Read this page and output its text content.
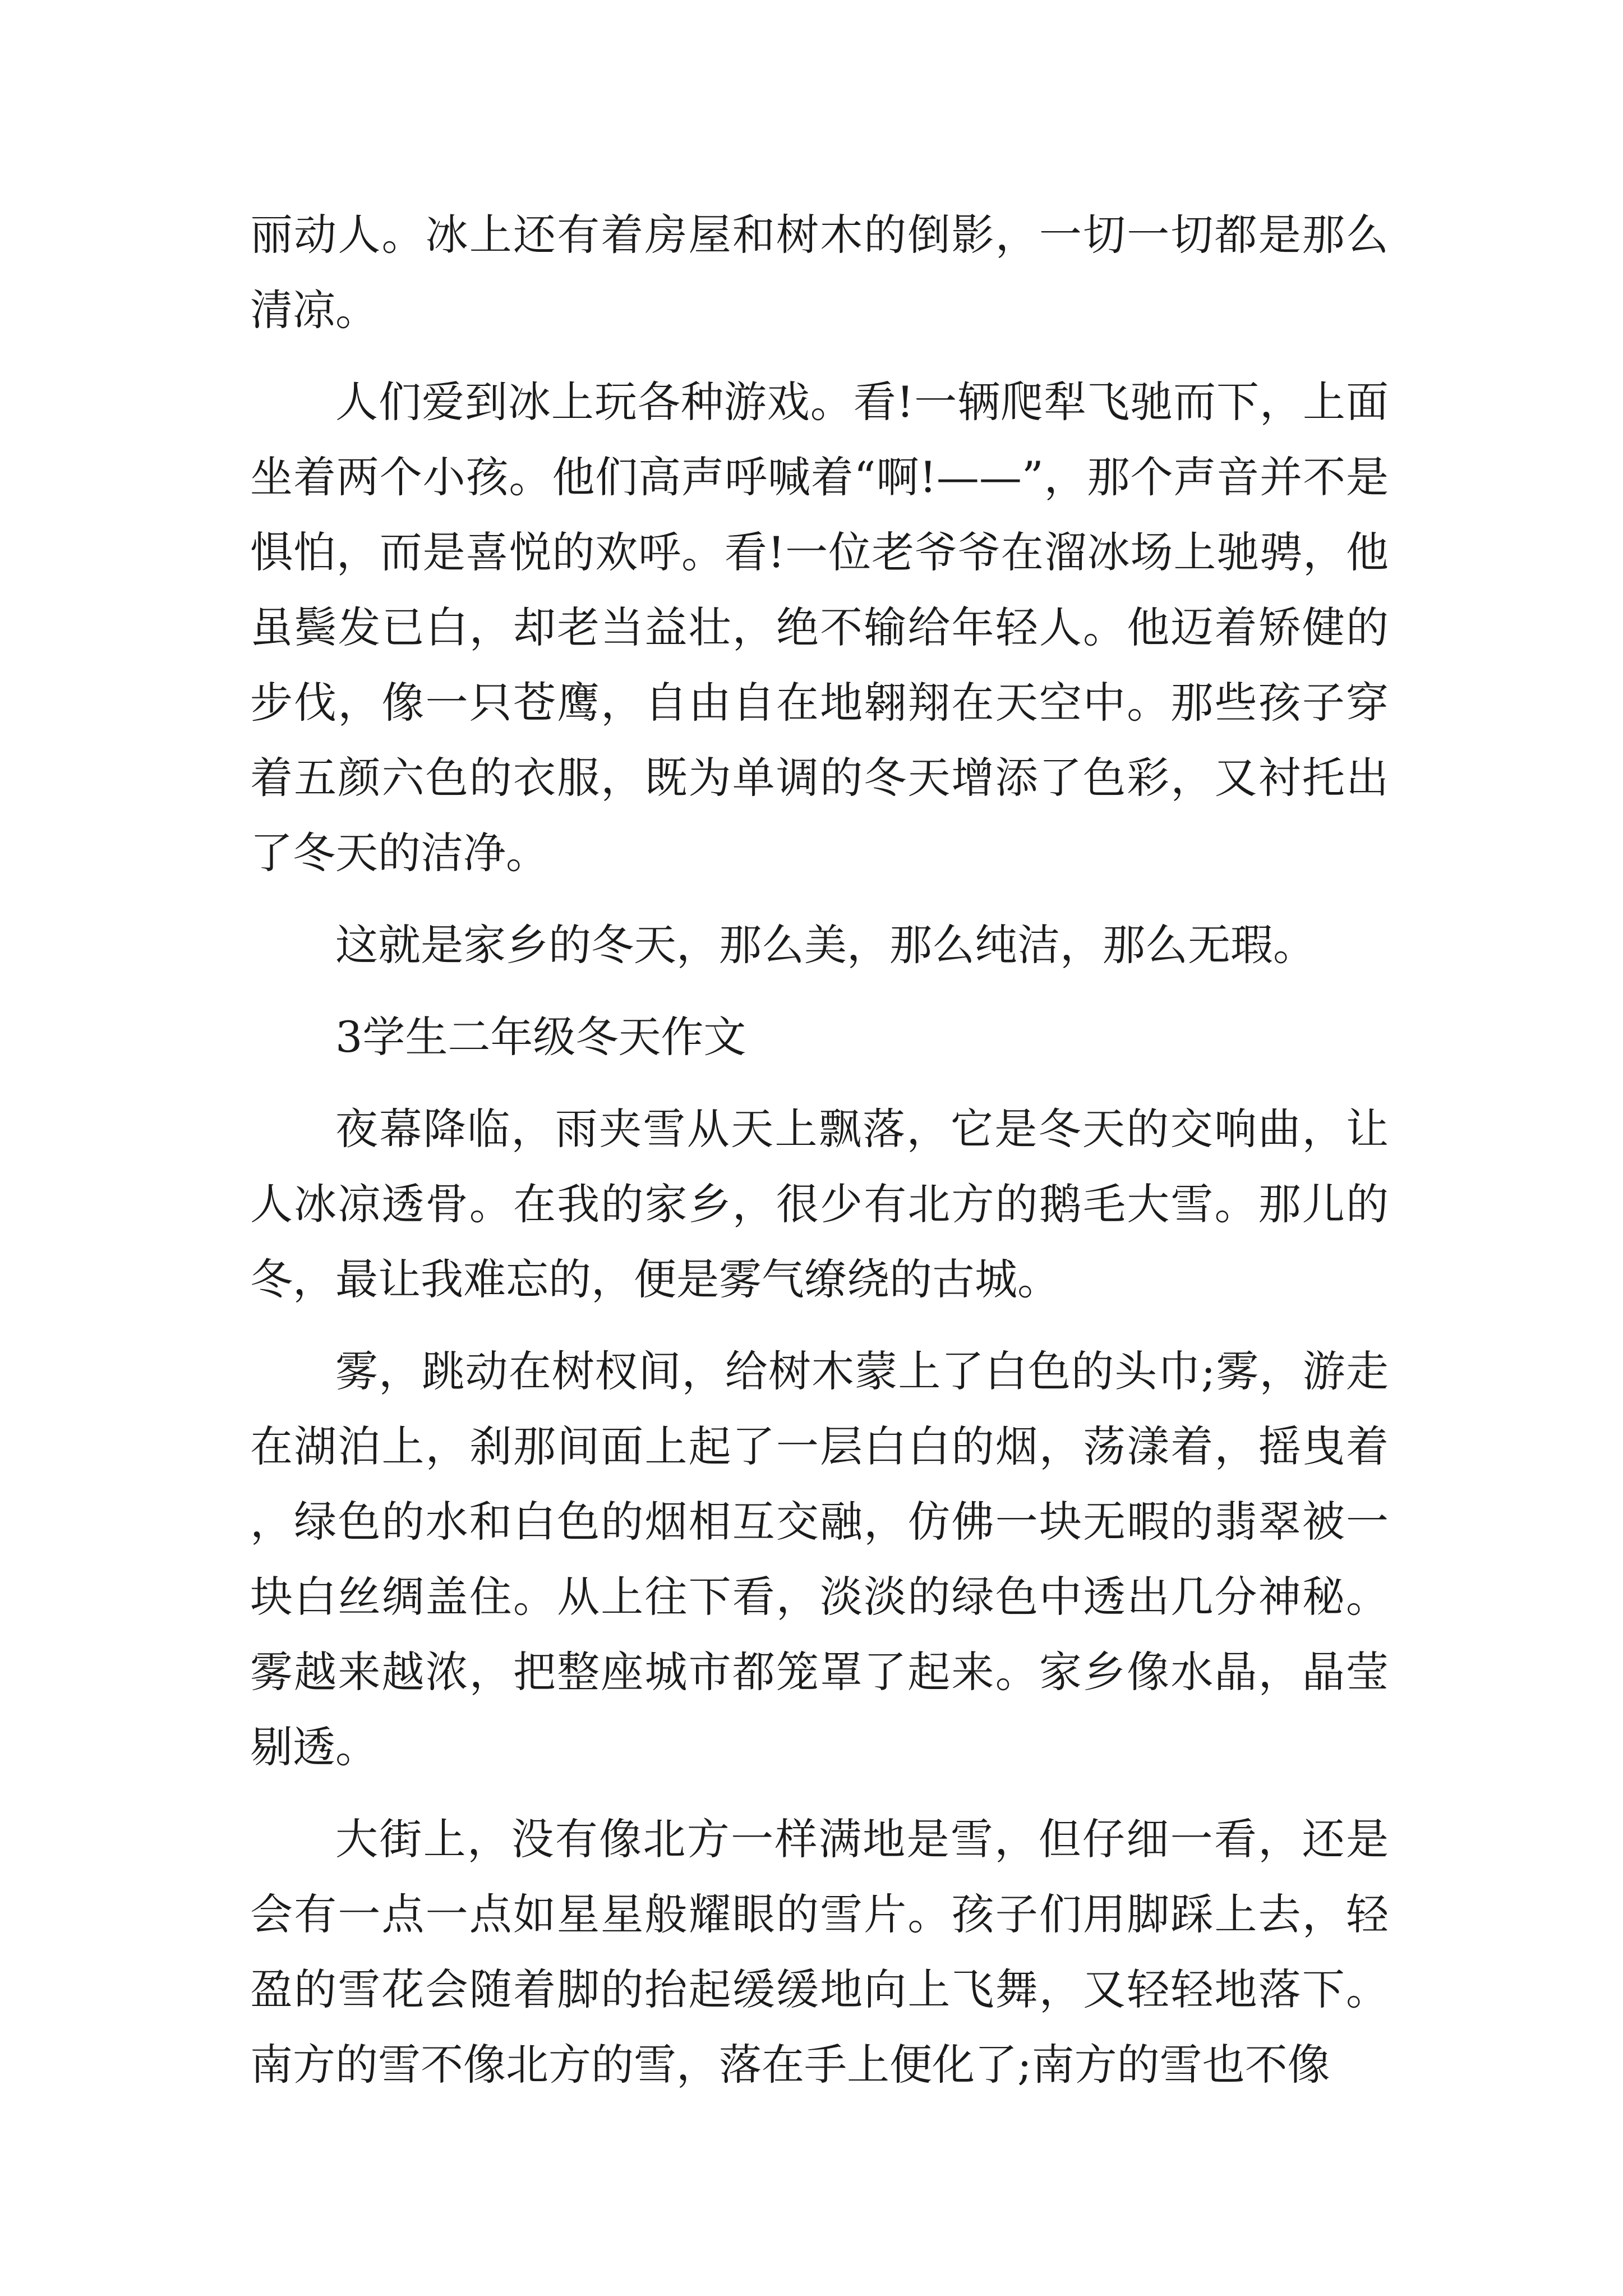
丽动人。冰上还有着房屋和树木的倒影，一切一切都是那么清凉。

人们爱到冰上玩各种游戏。看!一辆爬犁飞驰而下，上面坐着两个小孩。他们高声呼喊着“啊!——”，那个声音并不是惧怕，而是喜悦的欢呼。看!一位老爷爷在溜冰场上驰骋，他虽鬓发已白，却老当益壮，绝不输给年轻人。他迈着矫健的步伐，像一只苍鹰，自由自在地翱翔在天空中。那些孩子穿着五颜六色的衣服，既为单调的冬天增添了色彩，又衬托出了冬天的洁净。

这就是家乡的冬天，那么美，那么纯洁，那么无瑕。

3学生二年级冬天作文

夜幕降临，雨夹雪从天上飘落，它是冬天的交响曲，让人冰凉透骨。在我的家乡，很少有北方的鹅毛大雪。那儿的冬，最让我难忘的，便是雾气缭绕的古城。

雾，跳动在树杈间，给树木蒙上了白色的头巾;雾，游走在湖泊上，刹那间面上起了一层白白的烟，荡漾着，摇曳着，绿色的水和白色的烟相互交融，仿佛一块无暇的翡翠被一块白丝绸盖住。从上往下看，淡淡的绿色中透出几分神秘。雾越来越浓，把整座城市都笼罩了起来。家乡像水晶，晶莹剔透。

大街上，没有像北方一样满地是雪，但仔细一看，还是会有一点一点如星星般耀眼的雪片。孩子们用脚踩上去，轻盈的雪花会随着脚的抬起缓缓地向上飞舞，又轻轻地落下。南方的雪不像北方的雪，落在手上便化了;南方的雪也不像
